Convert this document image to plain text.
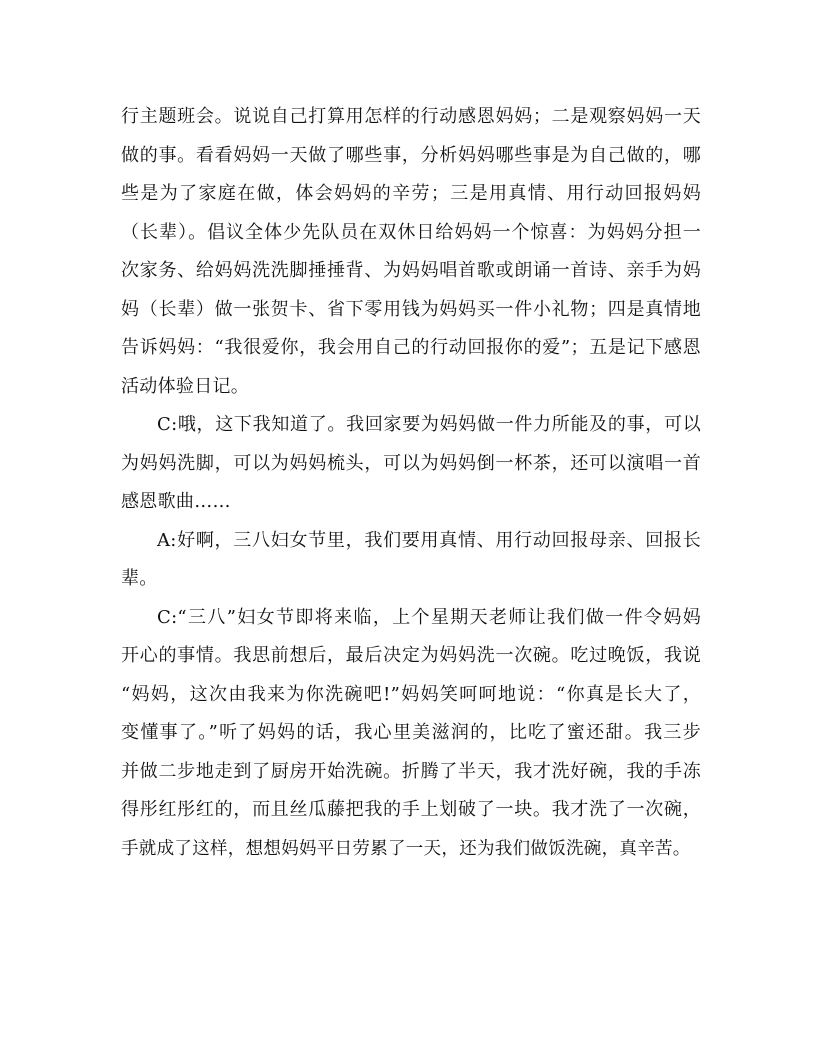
行主题班会。说说自己打算用怎样的行动感恩妈妈；二是观察妈妈一天
做的事。看看妈妈一天做了哪些事，分析妈妈哪些事是为自己做的，哪
些是为了家庭在做，体会妈妈的辛劳；三是用真情、用行动回报妈妈
（长辈）。倡议全体少先队员在双休日给妈妈一个惊喜：为妈妈分担一
次家务、给妈妈洗洗脚捶捶背、为妈妈唱首歌或朗诵一首诗、亲手为妈
妈（长辈）做一张贺卡、省下零用钱为妈妈买一件小礼物；四是真情地
告诉妈妈：“我很爱你，我会用自己的行动回报你的爱”；五是记下感恩
活动体验日记。
C:哦，这下我知道了。我回家要为妈妈做一件力所能及的事，可以
为妈妈洗脚，可以为妈妈梳头，可以为妈妈倒一杯茶，还可以演唱一首
感恩歌曲……
A:好啊，三八妇女节里，我们要用真情、用行动回报母亲、回报长
辈。
C:“三八”妇女节即将来临，上个星期天老师让我们做一件令妈妈
开心的事情。我思前想后，最后决定为妈妈洗一次碗。吃过晚饭，我说
“妈妈，这次由我来为你洗碗吧!”妈妈笑呵呵地说：“你真是长大了，
变懂事了。”听了妈妈的话，我心里美滋润的，比吃了蜜还甜。我三步
并做二步地走到了厨房开始洗碗。折腾了半天，我才洗好碗，我的手冻
得彤红彤红的，而且丝瓜藤把我的手上划破了一块。我才洗了一次碗，
手就成了这样，想想妈妈平日劳累了一天，还为我们做饭洗碗，真辛苦。
